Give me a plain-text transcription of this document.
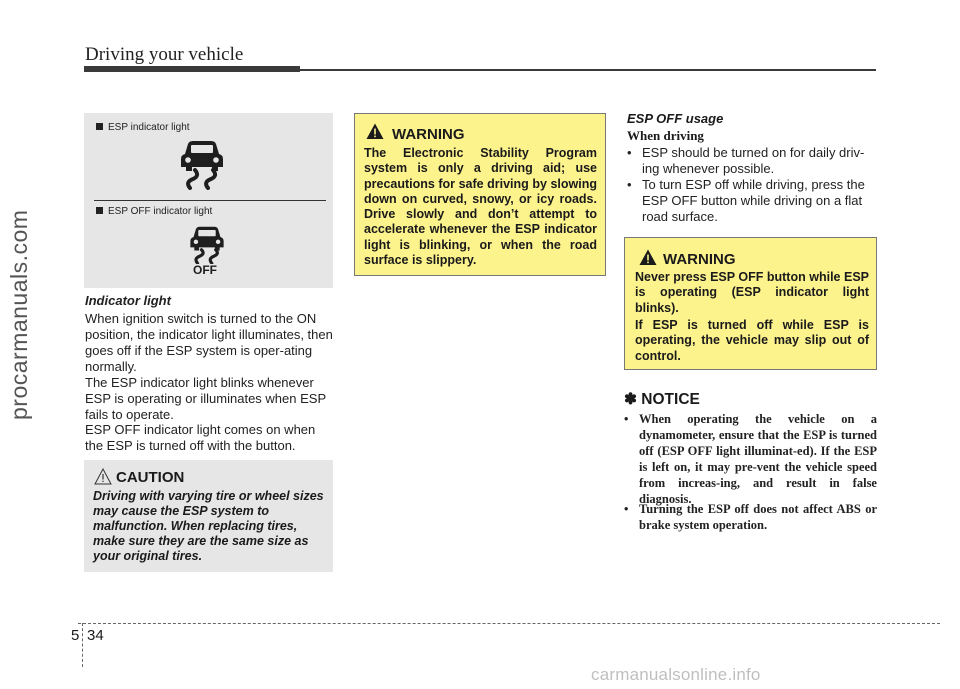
Driving your vehicle
procarmanuals.com
ESP indicator light
ESP OFF indicator light
OFF
Indicator light
When ignition switch is turned to the ON position, the indicator light illuminates, then goes off if the ESP system is oper-ating normally.
The ESP indicator light blinks whenever ESP is operating or illuminates when ESP fails to operate.
ESP OFF indicator light comes on when the ESP is turned off with the button.
CAUTION
Driving with varying tire or wheel sizes may cause the ESP system to malfunction. When replacing tires, make sure they are the same size as your original tires.
WARNING
The Electronic Stability Program system is only a driving aid; use precautions for safe driving by slowing down on curved, snowy, or icy roads. Drive slowly and don’t attempt to accelerate whenever the ESP indicator light is blinking, or when the road surface is slippery.
ESP OFF usage
When driving
• ESP should be turned on for daily driv-ing whenever possible.
• To turn ESP off while driving, press the ESP OFF button while driving on a flat road surface.
WARNING
Never press ESP OFF button while ESP is operating (ESP indicator light blinks).
If ESP is turned off while ESP is operating, the vehicle may slip out of control.
✽ NOTICE
• When operating the vehicle on a dynamometer, ensure that the ESP is turned off (ESP OFF light illuminat-ed). If the ESP is left on, it may pre-vent the vehicle speed from increas-ing, and result in false diagnosis.
• Turning the ESP off does not affect ABS or brake system operation.
5 34
carmanualsonline.info
